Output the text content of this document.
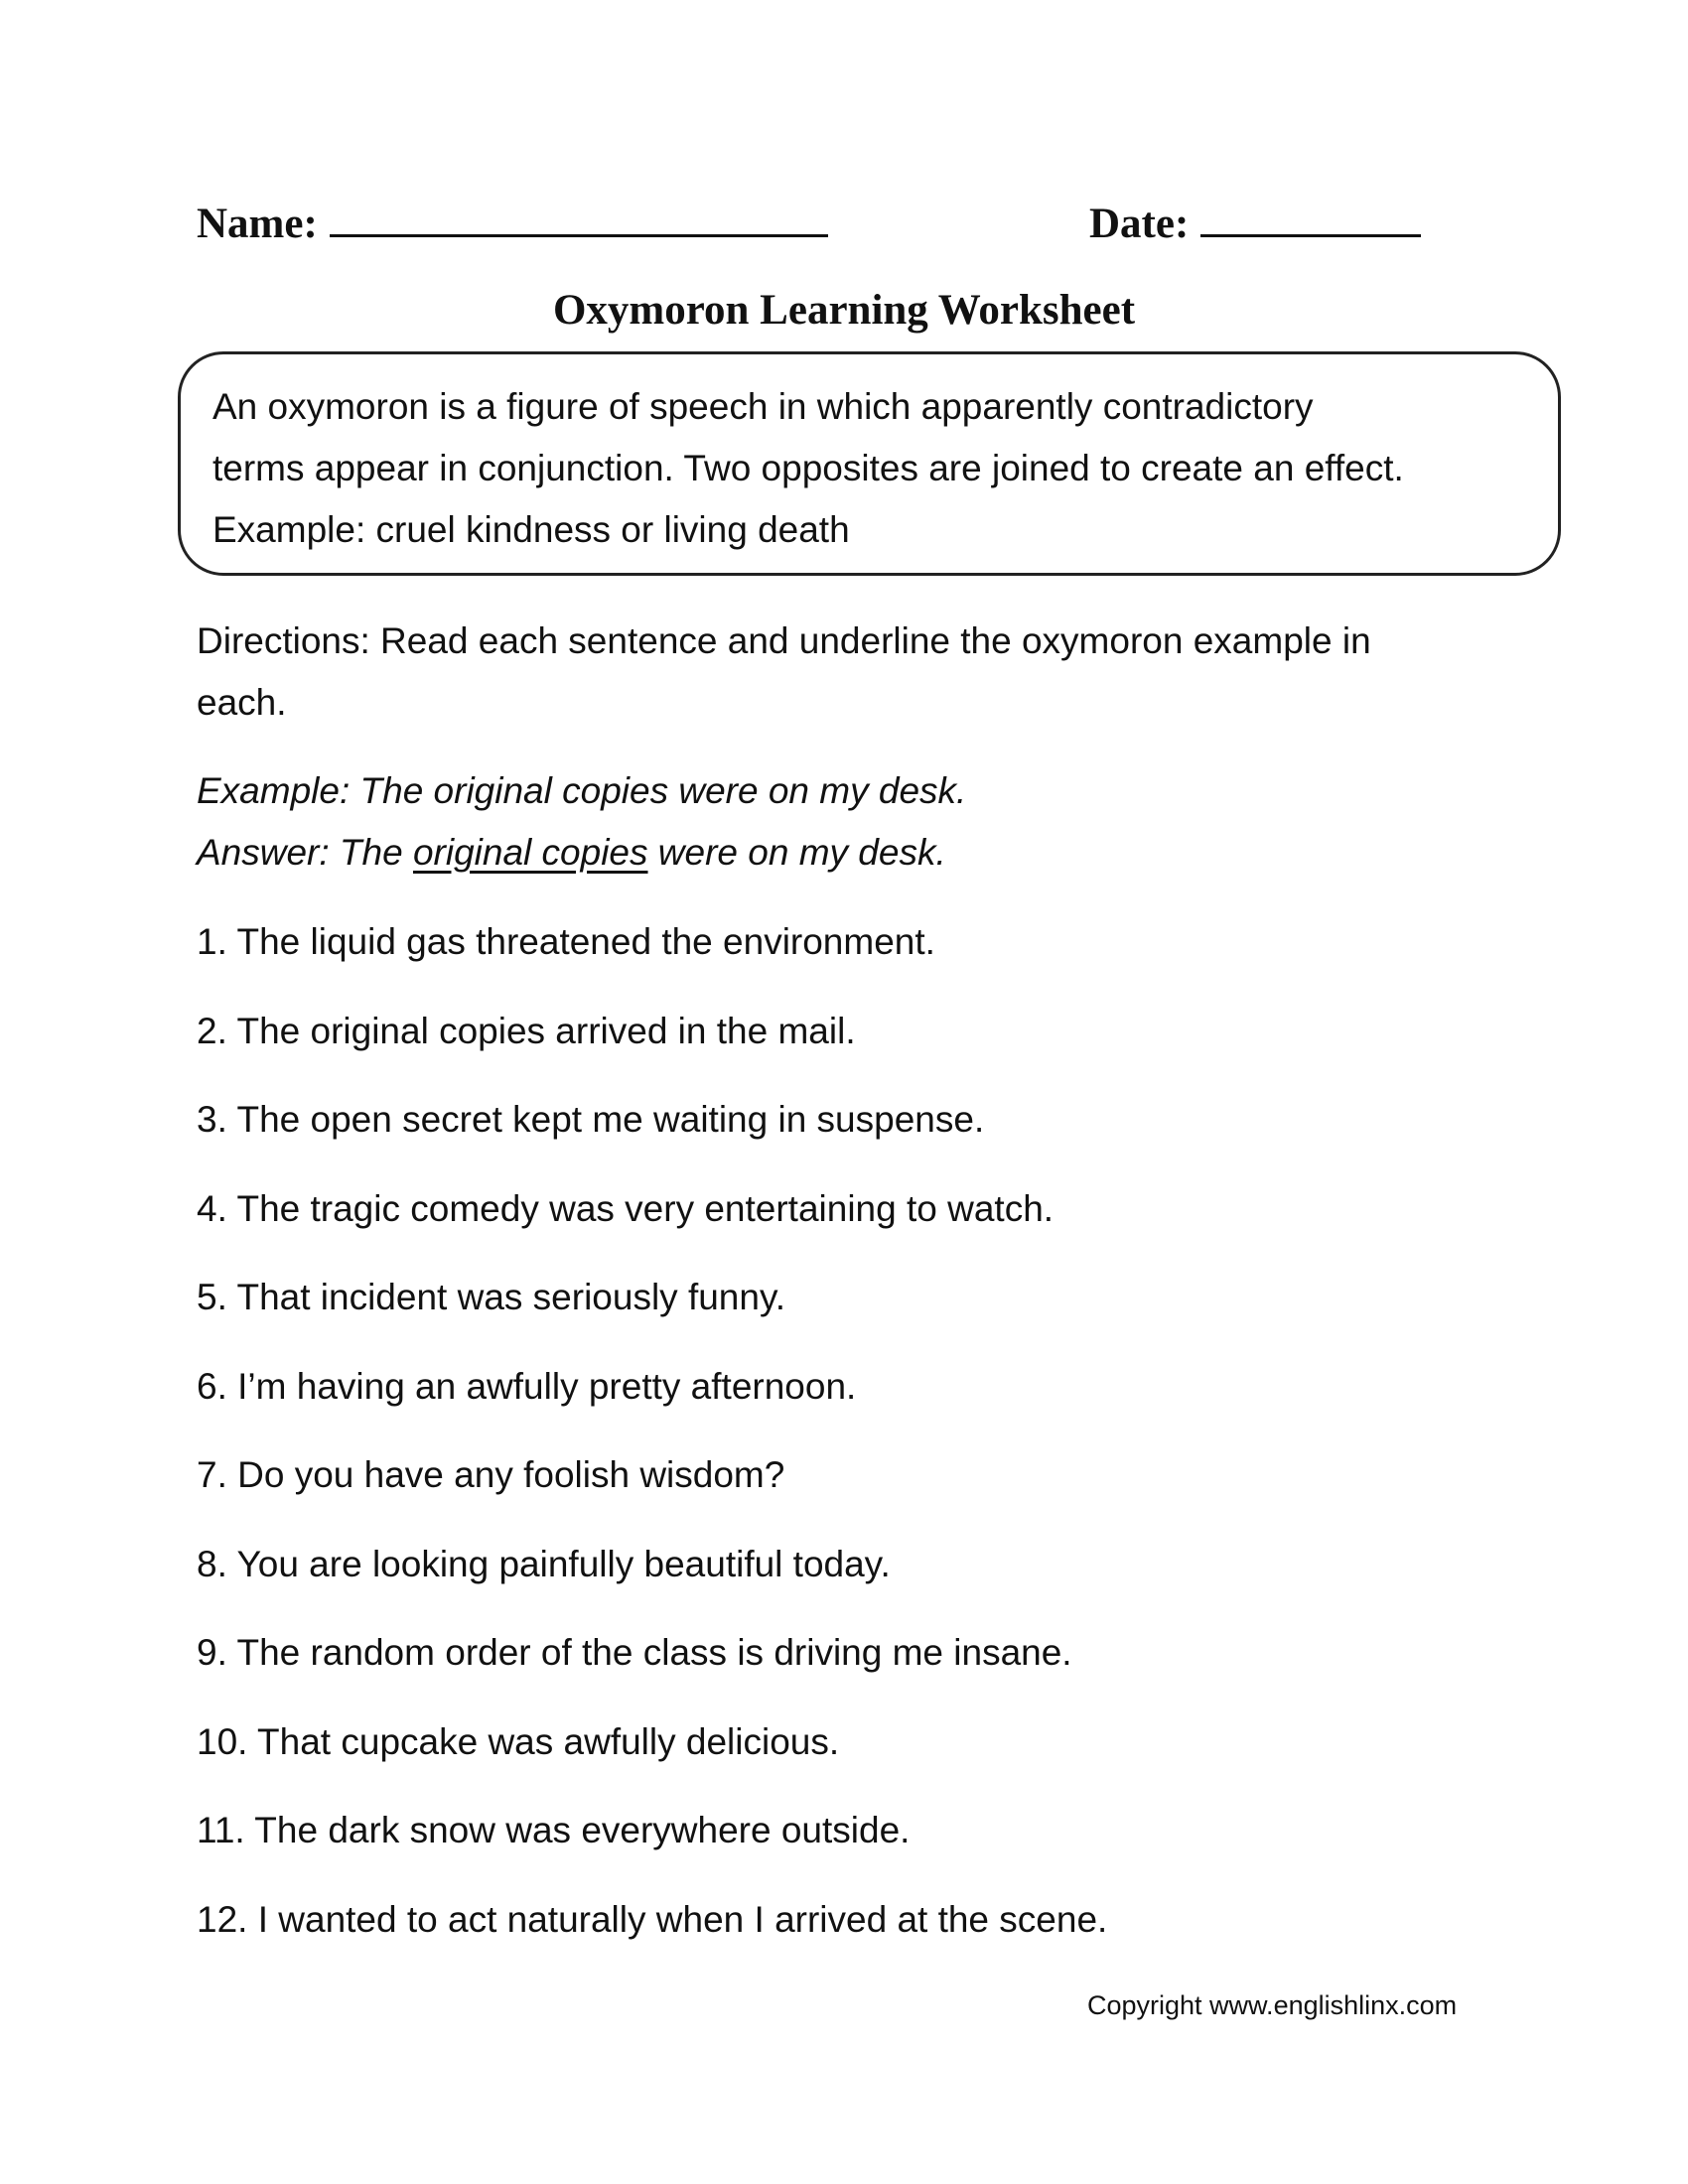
Name:	Date:
Oxymoron Learning Worksheet
An oxymoron is a figure of speech in which apparently contradictory
terms appear in conjunction. Two opposites are joined to create an effect.
Example: cruel kindness or living death
Directions: Read each sentence and underline the oxymoron example in
each.
Example: The original copies were on my desk.
Answer: The original copies were on my desk.
1. The liquid gas threatened the environment.
2. The original copies arrived in the mail.
3. The open secret kept me waiting in suspense.
4. The tragic comedy was very entertaining to watch.
5. That incident was seriously funny.
6. I’m having an awfully pretty afternoon.
7. Do you have any foolish wisdom?
8. You are looking painfully beautiful today.
9. The random order of the class is driving me insane.
10. That cupcake was awfully delicious.
11. The dark snow was everywhere outside.
12. I wanted to act naturally when I arrived at the scene.
Copyright www.englishlinx.com
